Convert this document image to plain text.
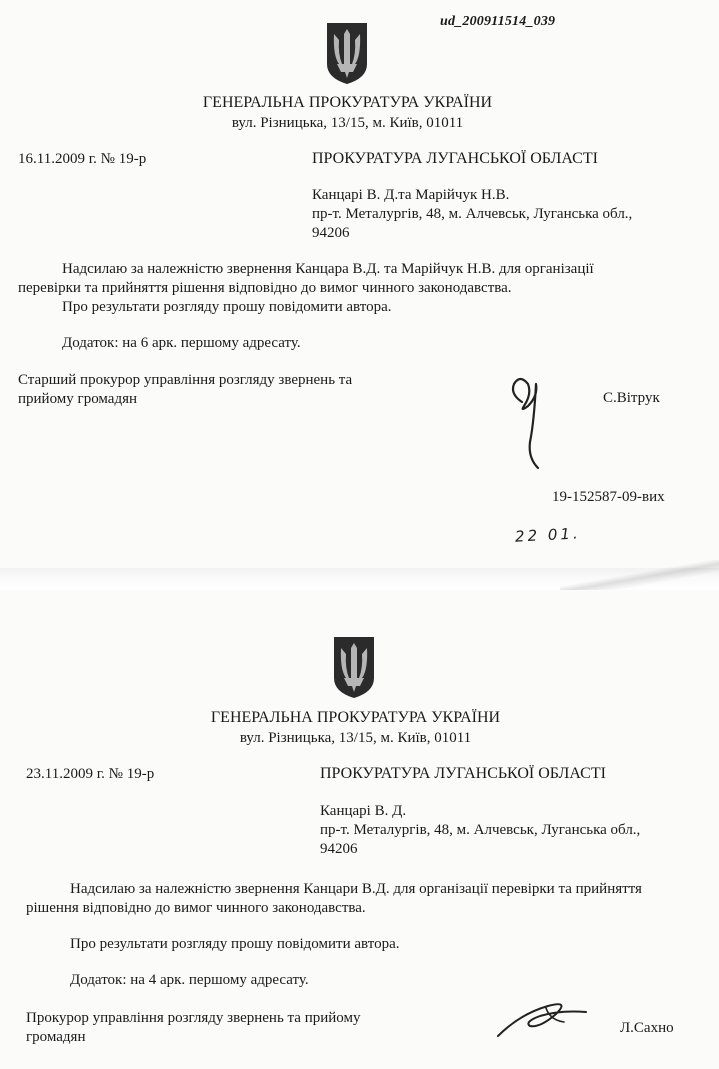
ud_200911514_039
ГЕНЕРАЛЬНА ПРОКУРАТУРА УКРАЇНИ
вул. Різницька, 13/15, м. Київ, 01011
16.11.2009 г. № 19-р	ПРОКУРАТУРА ЛУГАНСЬКОЇ ОБЛАСТІ
Канцарі В. Д.та Марійчук Н.В.
пр-т. Металургів, 48, м. Алчевськ, Луганська обл.,
94206
Надсилаю за належністю звернення Канцара В.Д. та Марійчук Н.В. для організації
перевірки та прийняття рішення відповідно до вимог чинного законодавства.
Про результати розгляду прошу повідомити автора.
Додаток: на 6 арк. першому адресату.
Старший прокурор управління розгляду звернень та
прийому громадян	С.Вітрук
19-152587-09-вих
22 01.
ГЕНЕРАЛЬНА ПРОКУРАТУРА УКРАЇНИ
вул. Різницька, 13/15, м. Київ, 01011
23.11.2009 г. № 19-р	ПРОКУРАТУРА ЛУГАНСЬКОЇ ОБЛАСТІ
Канцарі В. Д.
пр-т. Металургів, 48, м. Алчевськ, Луганська обл.,
94206
Надсилаю за належністю звернення Канцари В.Д. для організації перевірки та прийняття
рішення відповідно до вимог чинного законодавства.
Про результати розгляду прошу повідомити автора.
Додаток: на 4 арк. першому адресату.
Прокурор управління розгляду звернень та прийому
громадян
Л.Сахно
